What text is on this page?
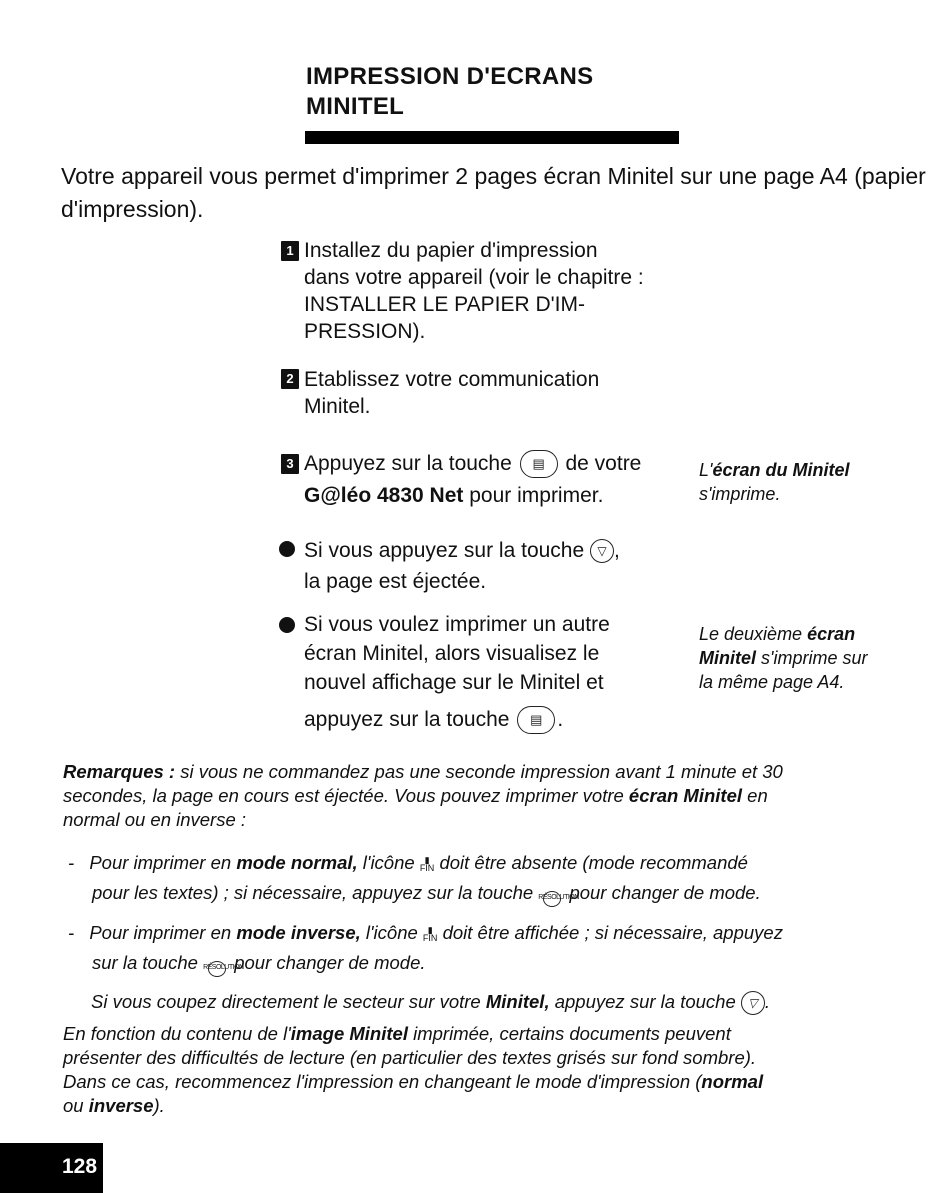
IMPRESSION D'ECRANS
MINITEL
Votre appareil vous permet d'imprimer 2 pages écran Minitel sur une page A4 (papier d'impression).
1 Installez du papier d'impression
dans votre appareil (voir le chapitre :
INSTALLER LE PAPIER D'IM-
PRESSION).
2 Etablissez votre communication
Minitel.
3 Appuyez sur la touche ▤ de votre
G@léo 4830 Net pour imprimer.
L'écran du Minitel
s'imprime.
Si vous appuyez sur la touche ▽ ,
la page est éjectée.
Si vous voulez imprimer un autre
écran Minitel, alors visualisez le
nouvel affichage sur le Minitel et
appuyez sur la touche ▤ .
Le deuxième écran
Minitel s'imprime sur
la même page A4.
Remarques : si vous ne commandez pas une seconde impression avant 1 minute et 30
secondes, la page en cours est éjectée. Vous pouvez imprimer votre écran Minitel en
normal ou en inverse :
- Pour imprimer en mode normal, l'icône ▮
FIN doit être absente (mode recommandé
pour les textes) ; si nécessaire, appuyez sur la touche RÉSOLUTION
pour changer de mode.
- Pour imprimer en mode inverse, l'icône ▮
FIN doit être affichée ; si nécessaire, appuyez
sur la touche RÉSOLUTION
pour changer de mode.
Si vous coupez directement le secteur sur votre Minitel, appuyez sur la touche ▽ .
En fonction du contenu de l'image Minitel imprimée, certains documents peuvent
présenter des difficultés de lecture (en particulier des textes grisés sur fond sombre).
Dans ce cas, recommencez l'impression en changeant le mode d'impression (normal
ou inverse).
128
